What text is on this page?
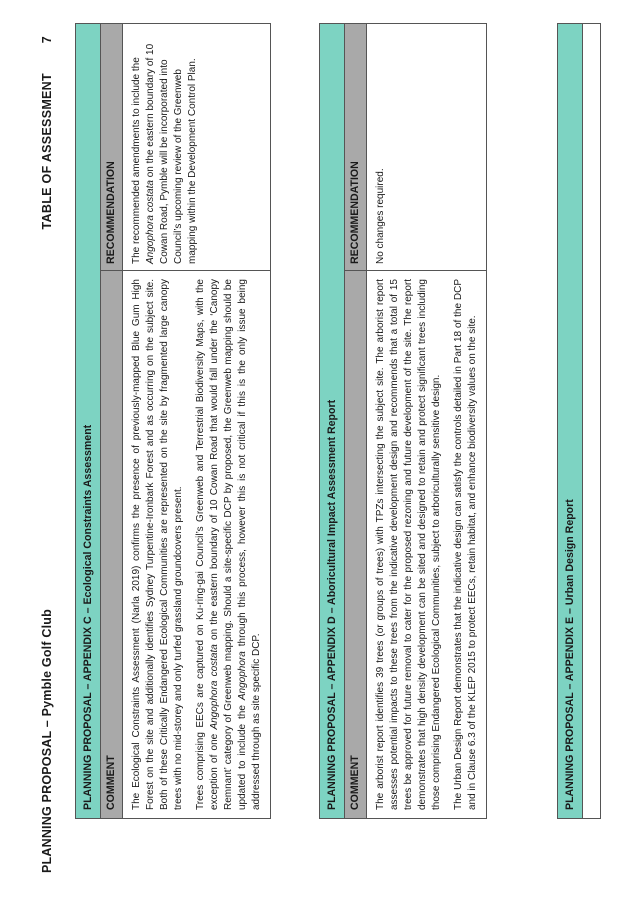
PLANNING PROPOSAL – Pymble Golf Club
TABLE OF ASSESSMENT 7
PLANNING PROPOSAL – APPENDIX C – Ecological Constraints Assessment	COMMENT
RECOMMENDATION

The Ecological Constraints Assessment (Narla 2019) confirms the presence of previously-mapped Blue Gum High Forest on the site and additionally identifies Sydney Turpentine-Ironbark Forest and as occurring on the subject site. Both of these Critically Endangered Ecological Communities are represented on the site by fragmented large canopy trees with no mid-storey and only turfed grassland groundcovers present. Trees comprising EECs are captured on Ku-ring-gai Council’s Greenweb and Terrestrial Biodiversity Maps, with the exception of one Angophora costata on the eastern boundary of 10 Cowan Road that would fall under the ‘Canopy Remnant’ category of Greenweb mapping. Should a site-specific DCP by proposed, the Greenweb mapping should be updated to include the Angophora through this process, however this is not critical if this is the only issue being addressed through as site specific DCP.

The recommended amendments to include the Angophora costata on the eastern boundary of 10 Cowan Road, Pymble will be incorporated into Council’s upcoming review of the Greenweb mapping within the Development Control Plan.

PLANNING PROPOSAL – APPENDIX D – Aboricultural Impact Assessment Report	COMMENT
RECOMMENDATION

The arborist report identifies 39 trees (or groups of trees) with TPZs intersecting the subject site. The arborist report assesses potential impacts to these trees from the indicative development design and recommends that a total of 15 trees be approved for future removal to cater for the proposed rezoning and future development of the site. The report demonstrates that high density development can be sited and designed to retain and protect significant trees including those comprising Endangered Ecological Communities, subject to arboriculturally sensitive design. The Urban Design Report demonstrates that the indicative design can satisfy the controls detailed in Part 18 of the DCP and in Clause 6.3 of the KLEP 2015 to protect EECs, retain habitat, and enhance biodiversity values on the site.

No changes required.

PLANNING PROPOSAL – APPENDIX E – Urban Design Report
